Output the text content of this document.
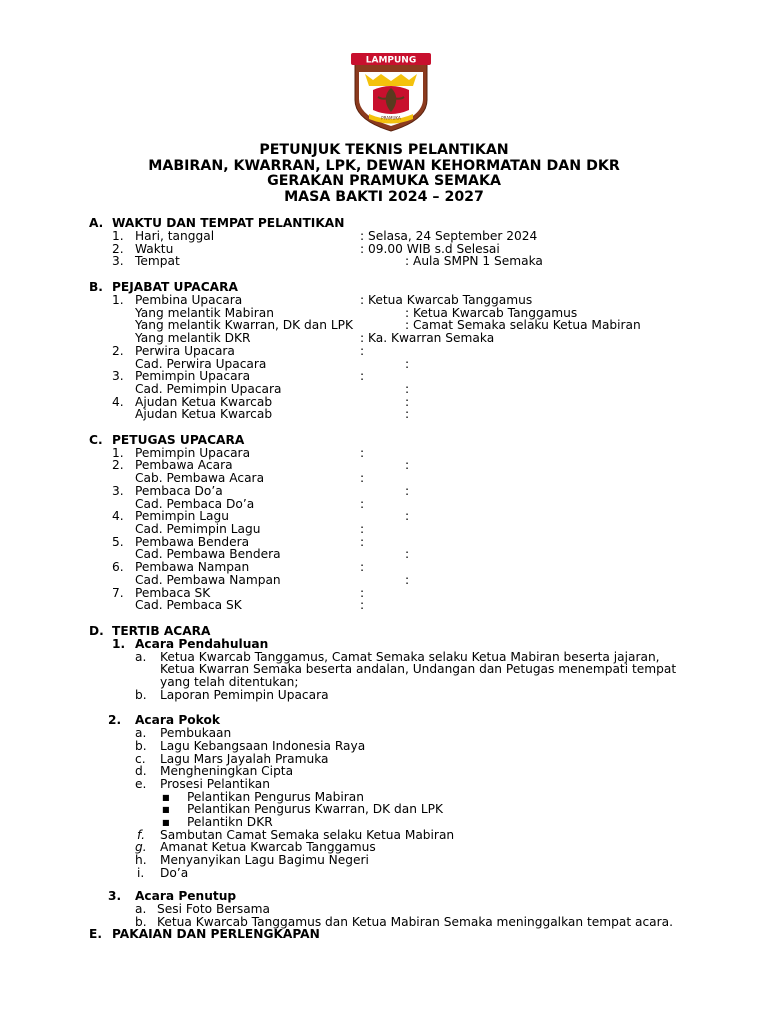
LAMPUNG
PRAMUKA
PETUNJUK TEKNIS PELANTIKAN
MABIRAN, KWARRAN, LPK, DEWAN KEHORMATAN DAN DKR
GERAKAN PRAMUKA SEMAKA
MASA BAKTI 2024 – 2027
A. WAKTU DAN TEMPAT PELANTIKAN
1. Hari, tanggal	: Selasa, 24 September 2024
2. Waktu	: 09.00 WIB s.d Selesai
3. Tempat	: Aula SMPN 1 Semaka
B. PEJABAT UPACARA
1. Pembina Upacara	: Ketua Kwarcab Tanggamus
Yang melantik Mabiran	: Ketua Kwarcab Tanggamus
Yang melantik Kwarran, DK dan LPK	: Camat Semaka selaku Ketua Mabiran
Yang melantik DKR	: Ka. Kwarran Semaka
2. Perwira Upacara	:
Cad. Perwira Upacara	:
3. Pemimpin Upacara	:
Cad. Pemimpin Upacara	:
4. Ajudan Ketua Kwarcab	:
Ajudan Ketua Kwarcab	:
C. PETUGAS UPACARA
1. Pemimpin Upacara	:
2. Pembawa Acara	:
Cab. Pembawa Acara	:
3. Pembaca Do’a	:
Cad. Pembaca Do’a	:
4. Pemimpin Lagu	:
Cad. Pemimpin Lagu	:
5. Pembawa Bendera	:
Cad. Pembawa Bendera	:
6. Pembawa Nampan	:
Cad. Pembawa Nampan	:
7. Pembaca SK	:
Cad. Pembaca SK	:
D. TERTIB ACARA
1. Acara Pendahuluan
a. Ketua Kwarcab Tanggamus, Camat Semaka selaku Ketua Mabiran beserta jajaran,
Ketua Kwarran Semaka beserta andalan, Undangan dan Petugas menempati tempat
yang telah ditentukan;
b. Laporan Pemimpin Upacara
2. Acara Pokok
a. Pembukaan
b. Lagu Kebangsaan Indonesia Raya
c. Lagu Mars Jayalah Pramuka
d. Mengheningkan Cipta
e. Prosesi Pelantikan
■ Pelantikan Pengurus Mabiran
■ Pelantikan Pengurus Kwarran, DK dan LPK
■ Pelantikn DKR
f. Sambutan Camat Semaka selaku Ketua Mabiran
g. Amanat Ketua Kwarcab Tanggamus
h. Menyanyikan Lagu Bagimu Negeri
i. Do’a
3. Acara Penutup
a. Sesi Foto Bersama
b. Ketua Kwarcab Tanggamus dan Ketua Mabiran Semaka meninggalkan tempat acara.
E. PAKAIAN DAN PERLENGKAPAN
